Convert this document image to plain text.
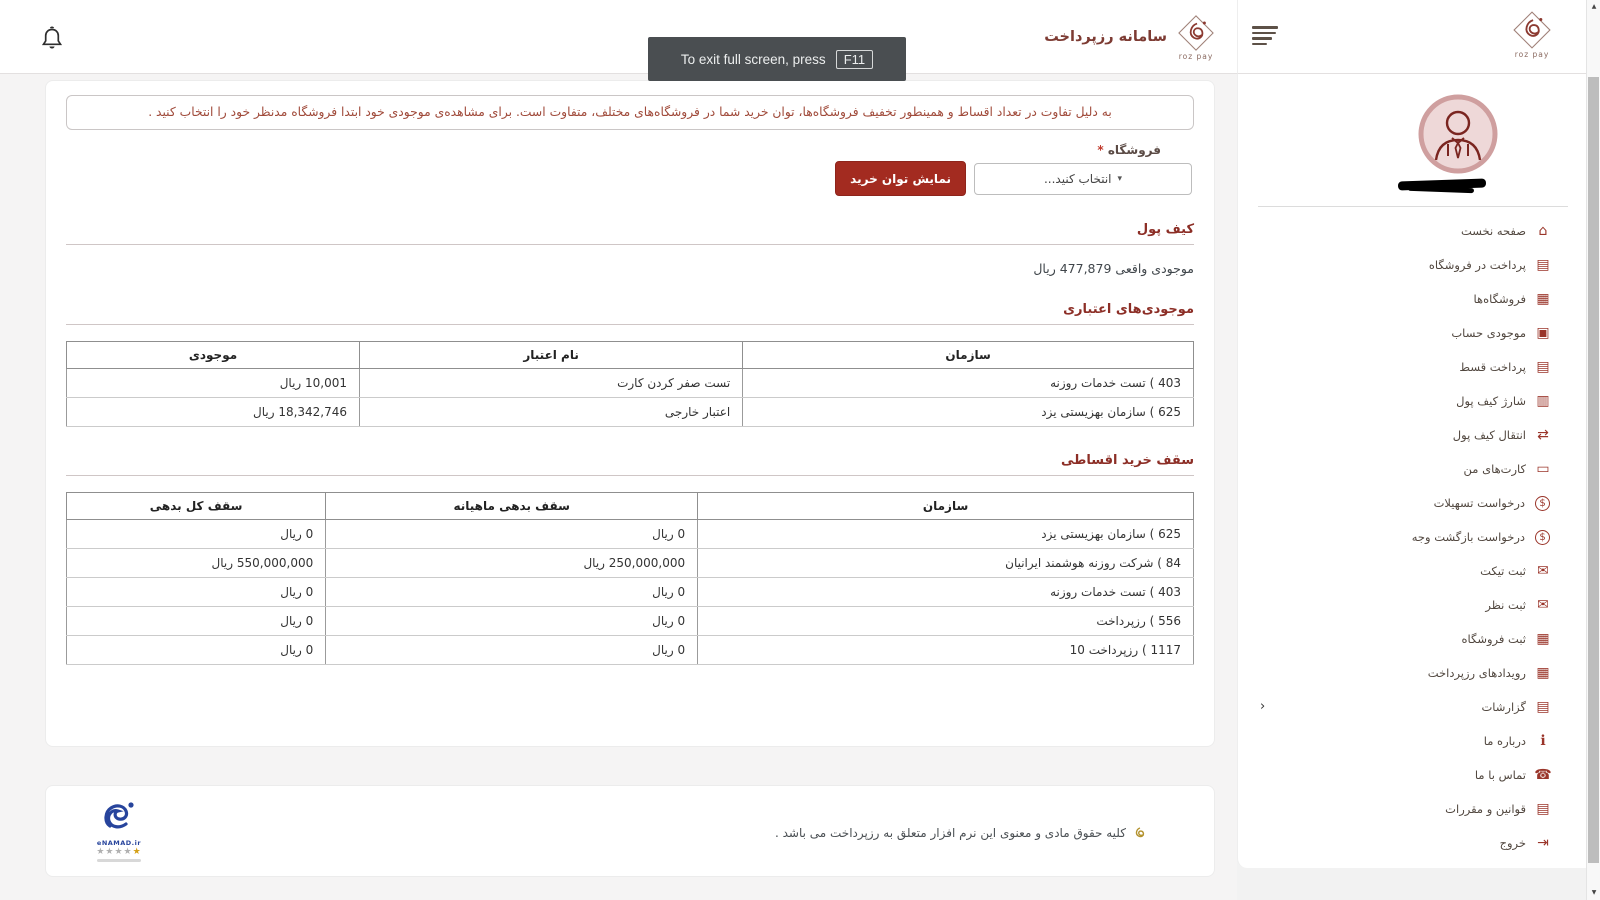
سامانه رزپرداخت
roz pay
To exit full screen, press	F11
به دلیل تفاوت در تعداد اقساط و همینطور تخفیف فروشگاه‌ها، توان خرید شما در فروشگاه‌های مختلف، متفاوت است. برای مشاهده‌ی موجودی خود ابتدا فروشگاه مدنظر خود را انتخاب کنید .
فروشگاه *
▾
انتخاب کنید...
نمایش توان خرید
کیف پول
موجودی واقعی 477,879 ریال
موجودی‌های اعتباری
سازمان	نام اعتبار	موجودی
403 ) تست خدمات روزنه	تست صفر کردن کارت	10,001 ریال
625 ) سازمان بهزیستی یزد	اعتبار خارجی	18,342,746 ریال
سقف خرید اقساطی
سازمان	سقف بدهی ماهیانه	سقف کل بدهی
625 ) سازمان بهزیستی یزد	0 ریال	0 ریال
84 ) شرکت روزنه هوشمند ایرانیان	250,000,000 ریال	550,000,000 ریال
403 ) تست خدمات روزنه	0 ریال	0 ریال
556 ) رزپرداخت	0 ریال	0 ریال
1117 ) رزپرداخت 10	0 ریال	0 ریال
eNAMAD.ir
★★★★★
کلیه حقوق مادی و معنوی این نرم افزار متعلق به رزپرداخت می باشد .
roz pay
⌂
صفحه نخست
▤
پرداخت در فروشگاه
▦
فروشگاه‌ها
▣
موجودی حساب
▤
پرداخت قسط
▥
شارژ کیف پول
⇄
انتقال کیف پول
▭
کارت‌های من
$
درخواست تسهیلات
$
درخواست بازگشت وجه
✉
ثبت تیکت
✉
ثبت نظر
▦
ثبت فروشگاه
▦
رویدادهای رزپرداخت
▤
گزارشات
‹
ℹ
درباره ما
☎
تماس با ما
▤
قوانین و مقررات
⇥
خروج
▲
▼
